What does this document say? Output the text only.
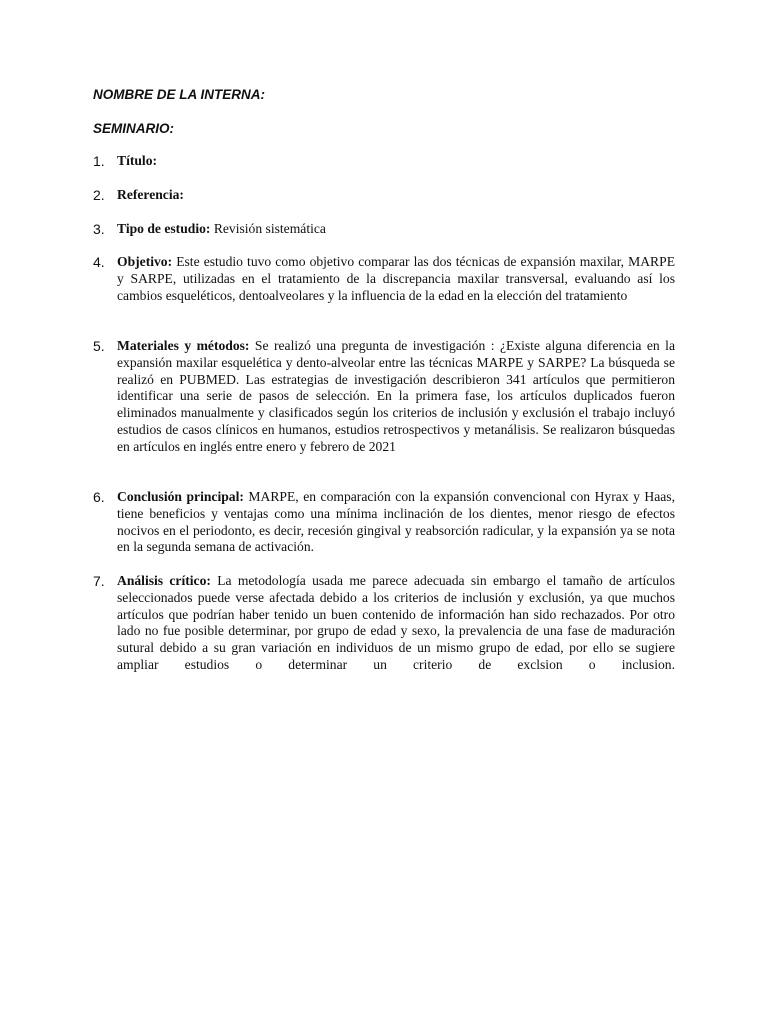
NOMBRE DE LA INTERNA:

SEMINARIO:

1. Título:
2. Referencia:
3. Tipo de estudio: Revisión sistemática
4. Objetivo: Este estudio tuvo como objetivo comparar las dos técnicas de expansión maxilar, MARPE y SARPE, utilizadas en el tratamiento de la discrepancia maxilar transversal, evaluando así los cambios esqueléticos, dentoalveolares y la influencia de la edad en la elección del tratamiento
5. Materiales y métodos: Se realizó una pregunta de investigación : ¿Existe alguna diferencia en la expansión maxilar esquelética y dento-alveolar entre las técnicas MARPE y SARPE? La búsqueda se realizó en PUBMED. Las estrategias de investigación describieron 341 artículos que permitieron identificar una serie de pasos de selección. En la primera fase, los artículos duplicados fueron eliminados manualmente y clasificados según los criterios de inclusión y exclusión el trabajo incluyó estudios de casos clínicos en humanos, estudios retrospectivos y metanálisis. Se realizaron búsquedas en artículos en inglés entre enero y febrero de 2021
6. Conclusión principal: MARPE, en comparación con la expansión convencional con Hyrax y Haas, tiene beneficios y ventajas como una mínima inclinación de los dientes, menor riesgo de efectos nocivos en el periodonto, es decir, recesión gingival y reabsorción radicular, y la expansión ya se nota en la segunda semana de activación.
7. Análisis crítico: La metodología usada me parece adecuada sin embargo el tamaño de artículos seleccionados puede verse afectada debido a los criterios de inclusión y exclusión, ya que muchos artículos que podrían haber tenido un buen contenido de información han sido rechazados. Por otro lado no fue posible determinar, por grupo de edad y sexo, la prevalencia de una fase de maduración sutural debido a su gran variación en individuos de un mismo grupo de edad, por ello se sugiere ampliar estudios o determinar un criterio de exclsion o inclusion.
